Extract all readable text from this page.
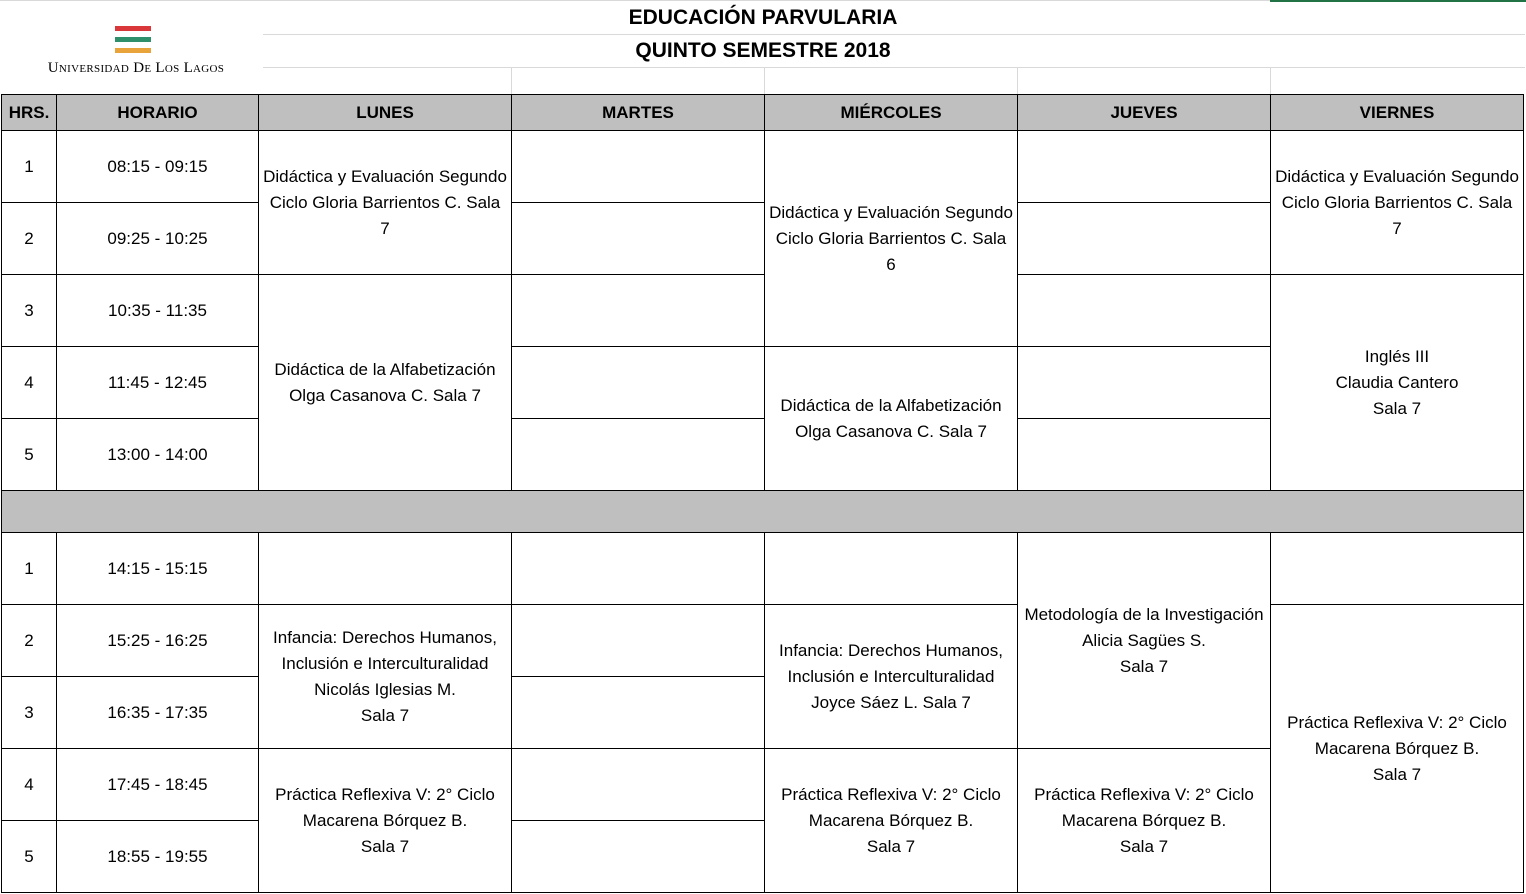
Universidad De Los Lagos
EDUCACIÓN PARVULARIA
QUINTO SEMESTRE 2018
HRS.	HORARIO	LUNES	MARTES	MIÉRCOLES	JUEVES	VIERNES
1	08:15 - 09:15	Didáctica y Evaluación Segundo Ciclo Gloria Barrientos C. Sala 7		Didáctica y Evaluación Segundo Ciclo Gloria Barrientos C. Sala 6		Didáctica y Evaluación Segundo Ciclo Gloria Barrientos C. Sala 7

2	09:25 - 10:25					
3	10:35 - 11:35	Didáctica de la Alfabetización Olga Casanova C. Sala 7				Inglés III
Claudia Cantero
Sala 7

4	11:45 - 12:45			Didáctica de la Alfabetización Olga Casanova C. Sala 7		

5	13:00 - 14:00					

1	14:15 - 15:15				Metodología de la Investigación
Alicia Sagües S.
Sala 7	

2	15:25 - 16:25	Infancia: Derechos Humanos, Inclusión e Interculturalidad
Nicolás Iglesias M.
Sala 7		Infancia: Derechos Humanos, Inclusión e Interculturalidad Joyce Sáez L. Sala 7		Práctica Reflexiva V: 2° Ciclo
Macarena Bórquez B.
Sala 7

3	16:35 - 17:35					
4	17:45 - 18:45	Práctica Reflexiva V: 2° Ciclo
Macarena Bórquez B.
Sala 7		Práctica Reflexiva V: 2° Ciclo
Macarena Bórquez B.
Sala 7	Práctica Reflexiva V: 2° Ciclo
Macarena Bórquez B.
Sala 7	

5	18:55 - 19:55					
